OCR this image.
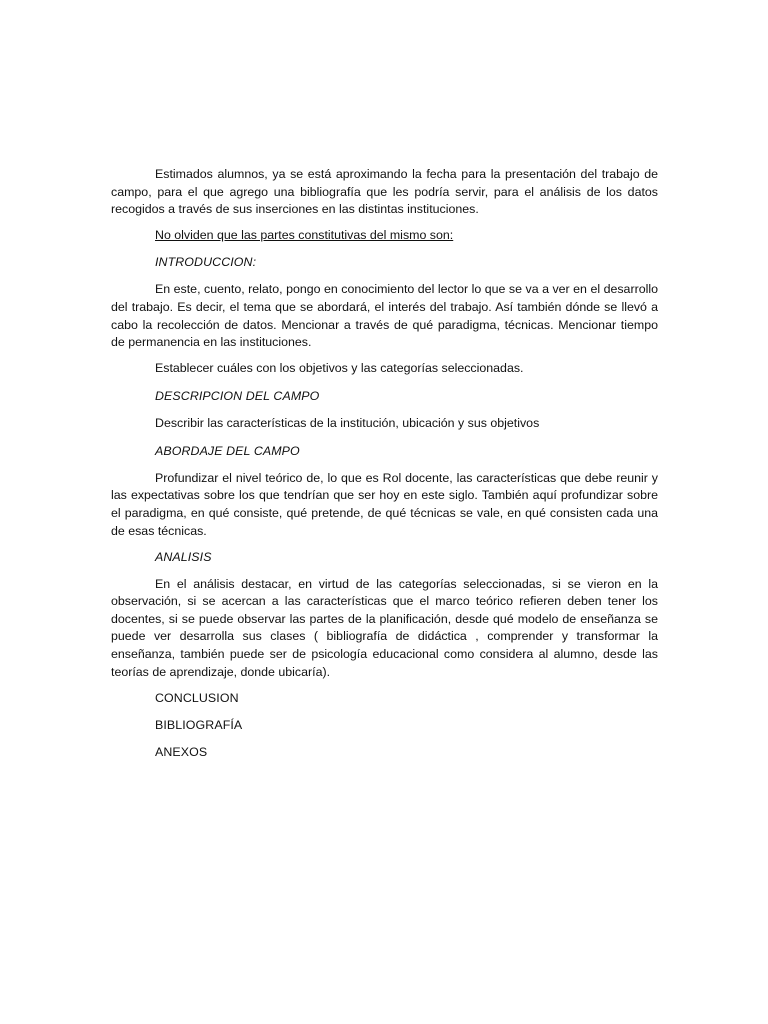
Estimados alumnos, ya se está aproximando la fecha para la presentación del trabajo de campo, para el que agrego una bibliografía que les podría servir, para el análisis de los datos recogidos a través de sus inserciones en las distintas instituciones.

No olviden que las partes constitutivas del mismo son:

INTRODUCCION:

En este, cuento, relato, pongo en conocimiento del lector lo que se va a ver en el desarrollo del trabajo. Es decir, el tema que se abordará, el interés del trabajo. Así también dónde se llevó a cabo la recolección de datos. Mencionar a través de qué paradigma, técnicas. Mencionar tiempo de permanencia en las instituciones.

Establecer cuáles con los objetivos y las categorías seleccionadas.

DESCRIPCION DEL CAMPO

Describir las características de la institución, ubicación y sus objetivos

ABORDAJE DEL CAMPO

Profundizar el nivel teórico de, lo que es Rol docente, las características que debe reunir y las expectativas sobre los que tendrían que ser hoy en este siglo. También aquí profundizar sobre el paradigma, en qué consiste, qué pretende, de qué técnicas se vale, en qué consisten cada una de esas técnicas.

ANALISIS

En el análisis destacar, en virtud de las categorías seleccionadas, si se vieron en la observación, si se acercan a las características que el marco teórico refieren deben tener los docentes, si se puede observar las partes de la planificación, desde qué modelo de enseñanza se puede ver desarrolla sus clases ( bibliografía de didáctica , comprender y transformar la enseñanza, también puede ser de psicología educacional como considera al alumno, desde las teorías de aprendizaje, donde ubicaría).

CONCLUSION

BIBLIOGRAFÍA

ANEXOS
